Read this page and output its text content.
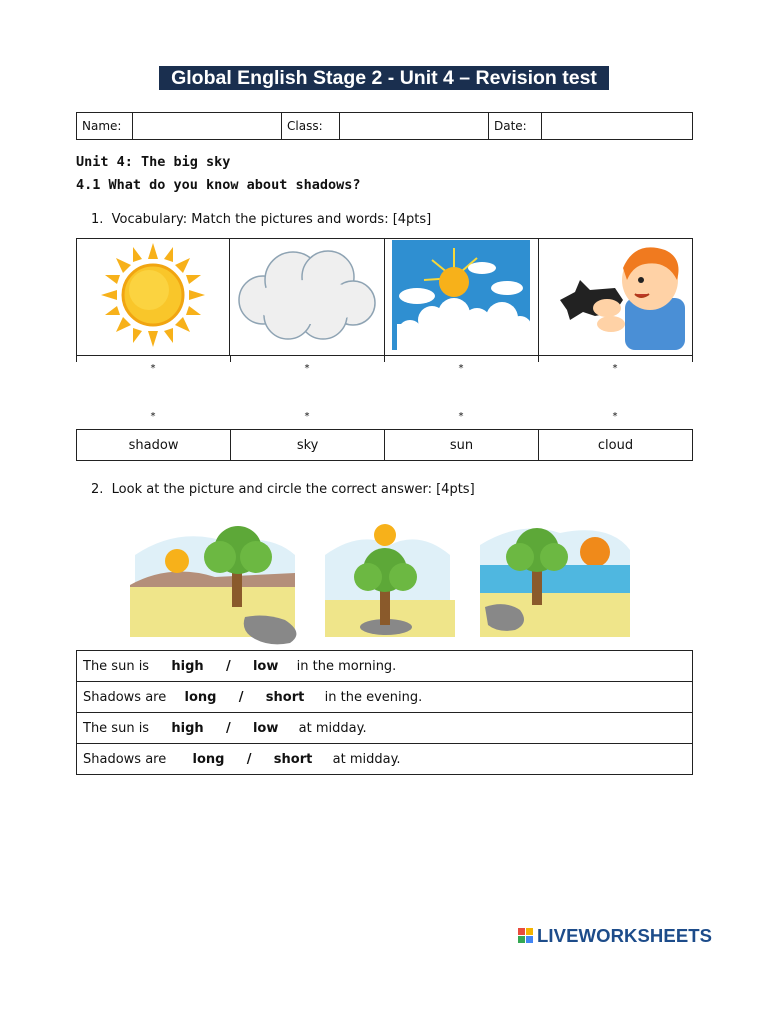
Global English Stage 2 - Unit 4 – Revision test
Name:		Class:		Date:	
Unit 4: The big sky
4.1 What do you know about shadows?
1. Vocabulary: Match the pictures and words: [4pts]

*	*	*	*
*	*	*	*
shadow	sky	sun	cloud
2. Look at the picture and circle the correct answer: [4pts]
The sun is high / low in the morning.
Shadows are long / short in the evening.
The sun is high / low at midday.
Shadows are long / short at midday.
LIVEWORKSHEETS
